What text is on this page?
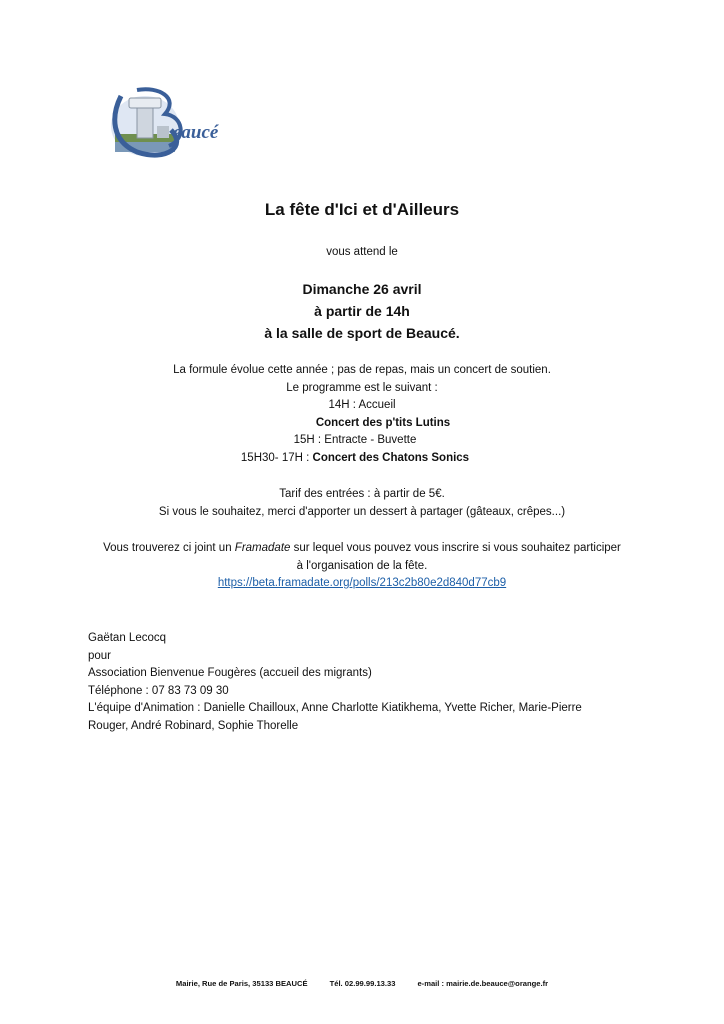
eaucé
La fête d'Ici et d'Ailleurs
vous attend le
Dimanche 26 avril
à partir de 14h
à la salle de sport de Beaucé.
La formule évolue cette année ; pas de repas, mais un concert de soutien.
Le programme est le suivant :
14H : Accueil
Concert des p'tits Lutins
15H : Entracte - Buvette
15H30- 17H : Concert des Chatons Sonics
Tarif des entrées : à partir de 5€.
Si vous le souhaitez, merci d'apporter un dessert à partager (gâteaux, crêpes...)
Vous trouverez ci joint un Framadate sur lequel vous pouvez vous inscrire si vous souhaitez participer
à l'organisation de la fête.
https://beta.framadate.org/polls/213c2b80e2d840d77cb9
Gaëtan Lecocq
pour
Association Bienvenue Fougères (accueil des migrants)
Téléphone : 07 83 73 09 30
L'équipe d'Animation : Danielle Chailloux, Anne Charlotte Kiatikhema, Yvette Richer, Marie-Pierre
Rouger, André Robinard, Sophie Thorelle
Mairie, Rue de Paris, 35133 BEAUCÉ	Tél. 02.99.99.13.33	e-mail : mairie.de.beauce@orange.fr
